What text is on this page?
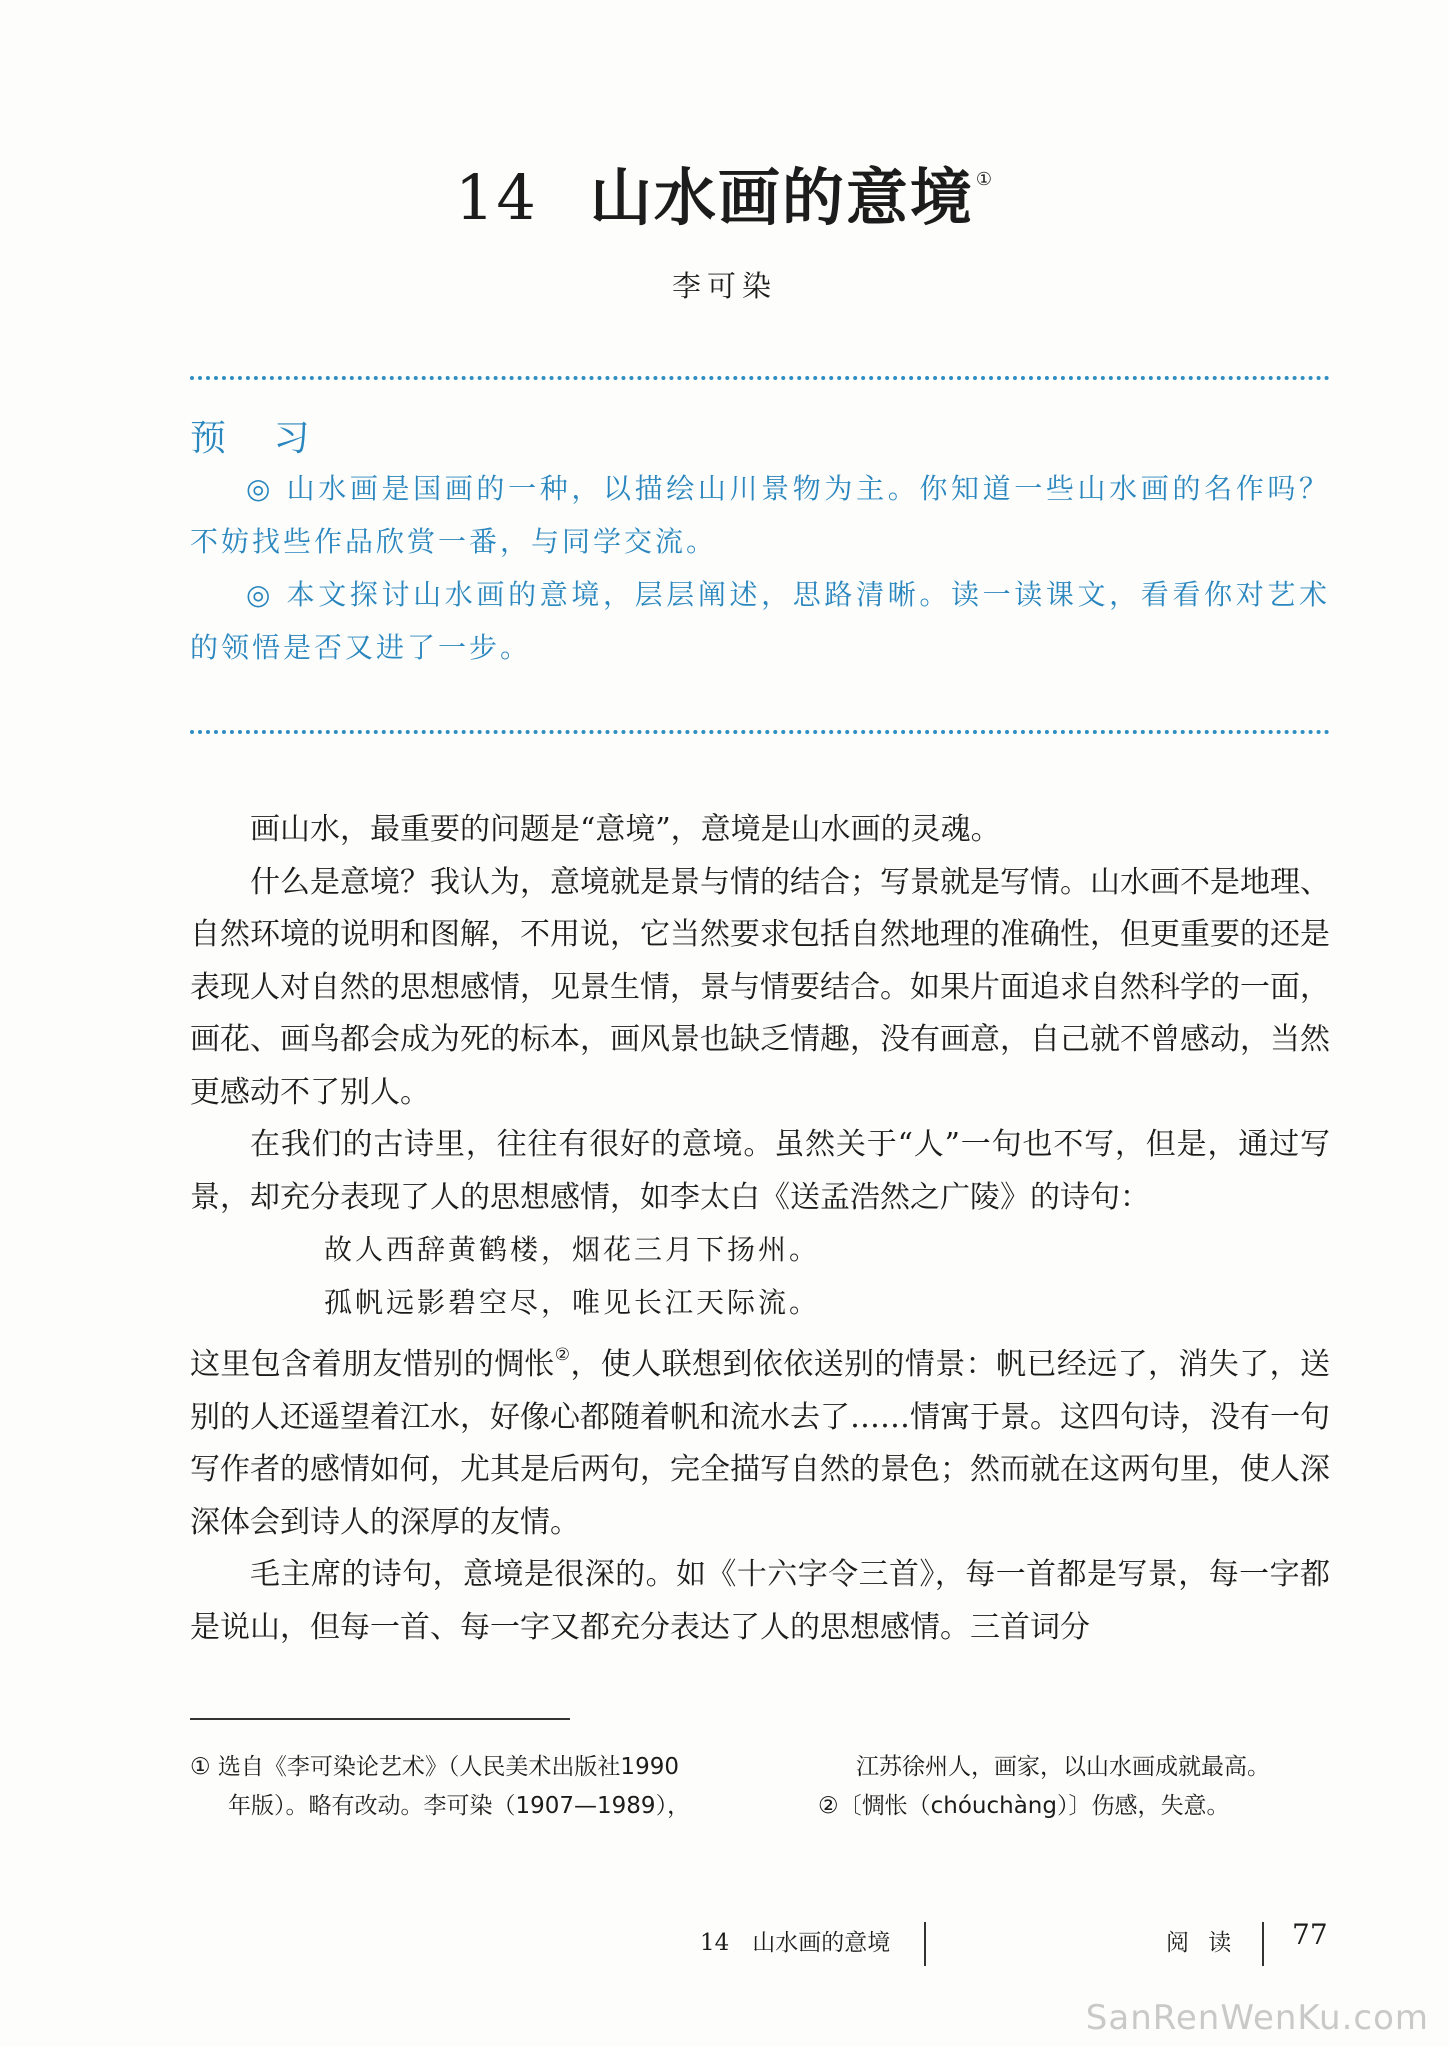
14 山水画的意境 ①
李可染
预 习

◎ 山水画是国画的一种，以描绘山川景物为主。你知道一些山水画的名作吗？不妨找些作品欣赏一番，与同学交流。

◎ 本文探讨山水画的意境，层层阐述，思路清晰。读一读课文，看看你对艺术的领悟是否又进了一步。

画山水，最重要的问题是“意境”，意境是山水画的灵魂。

什么是意境？我认为，意境就是景与情的结合；写景就是写情。山水画不是地理、自然环境的说明和图解，不用说，它当然要求包括自然地理的准确性，但更重要的还是表现人对自然的思想感情，见景生情，景与情要结合。如果片面追求自然科学的一面，画花、画鸟都会成为死的标本，画风景也缺乏情趣，没有画意，自己就不曾感动，当然更感动不了别人。

在我们的古诗里，往往有很好的意境。虽然关于“人”一句也不写，但是，通过写景，却充分表现了人的思想感情，如李太白《送孟浩然之广陵》的诗句：

故人西辞黄鹤楼，烟花三月下扬州。

孤帆远影碧空尽，唯见长江天际流。

这里包含着朋友惜别的惆怅②，使人联想到依依送别的情景：帆已经远了，消失了，送别的人还遥望着江水，好像心都随着帆和流水去了……情寓于景。这四句诗，没有一句写作者的感情如何，尤其是后两句，完全描写自然的景色；然而就在这两句里，使人深深体会到诗人的深厚的友情。

毛主席的诗句，意境是很深的。如《十六字令三首》，每一首都是写景，每一字都是说山，但每一首、每一字又都充分表达了人的思想感情。三首词分

① 选自《李可染论艺术》（人民美术出版社1990

年版）。略有改动。李可染（1907—1989），

江苏徐州人，画家，以山水画成就最高。

②〔惆怅（chóuchàng）〕伤感，失意。

14　山水画的意境	阅 读 77
SanRenWenKu.com
